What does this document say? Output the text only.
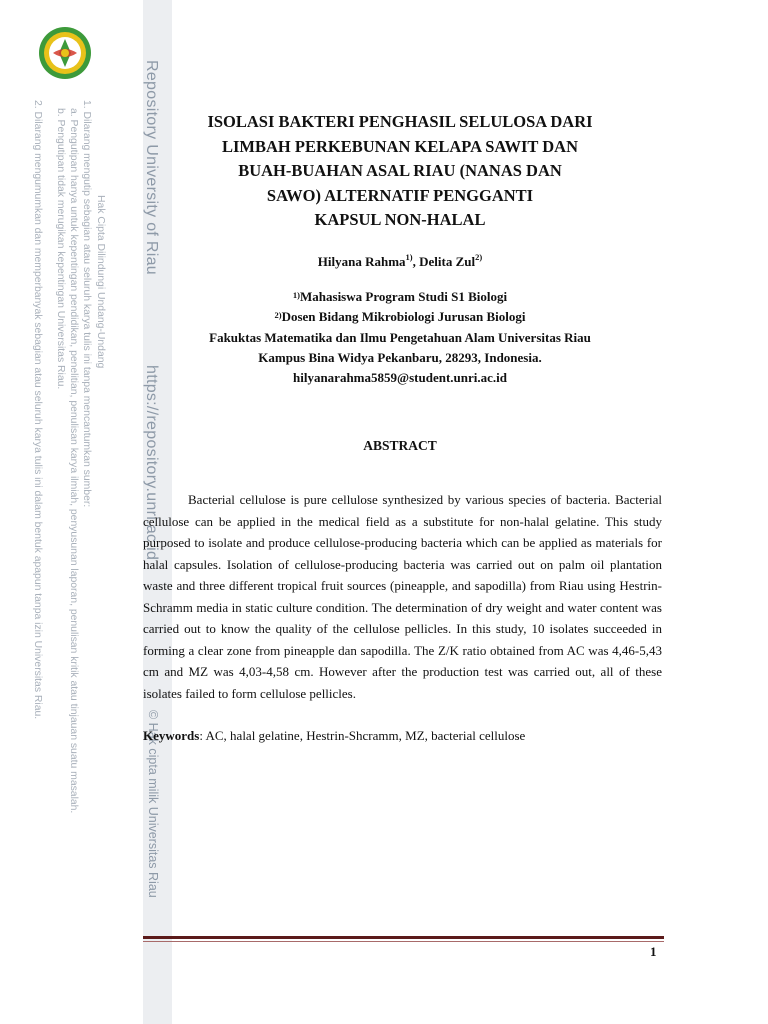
Hak Cipta Dilindungi Undang-Undang
1. Dilarang mengutip sebagian atau seluruh karya tulis ini tanpa mencantumkan sumber:
a. Pengutipan hanya untuk kepentingan pendidikan, penelitian, penulisan karya ilmiah, penyusunan laporan, penulisan kritik atau tinjauan suatu masalah.
b. Pengutipan tidak merugikan kepentingan Universitas Riau.
2. Dilarang mengumumkan dan memperbanyak sebagian atau seluruh karya tulis ini dalam bentuk apapun tanpa izin Universitas Riau.	Repository University of Riau
https://repository.unri.ac.id
© Hak cipta milik Universitas Riau
ISOLASI BAKTERI PENGHASIL SELULOSA DARI
LIMBAH PERKEBUNAN KELAPA SAWIT DAN
BUAH-BUAHAN ASAL RIAU (NANAS DAN
SAWO) ALTERNATIF PENGGANTI
KAPSUL NON-HALAL
Hilyana Rahma$^{1)}$, Delita Zul$^{2)}$
$^{1)}$Mahasiswa Program Studi S1 Biologi
$^{2)}$Dosen Bidang Mikrobiologi Jurusan Biologi
Fakuktas Matematika dan Ilmu Pengetahuan Alam Universitas Riau
Kampus Bina Widya Pekanbaru, 28293, Indonesia.
hilyanarahma5859@student.unri.ac.id
ABSTRACT

Bacterial cellulose is pure cellulose synthesized by various species of bacteria. Bacterial cellulose can be applied in the medical field as a substitute for non-halal gelatine. This study purposed to isolate and produce cellulose-producing bacteria which can be applied as materials for halal capsules. Isolation of cellulose-producing bacteria was carried out on palm oil plantation waste and three different tropical fruit sources (pineapple, and sapodilla) from Riau using Hestrin-Schramm media in static culture condition. The determination of dry weight and water content was carried out to know the quality of the cellulose pellicles. In this study, 10 isolates succeeded in forming a clear zone from pineapple dan sapodilla. The Z/K ratio obtained from AC was 4,46-5,43 cm and MZ was 4,03-4,58 cm. However after the production test was carried out, all of these isolates failed to form cellulose pellicles.

Keywords: AC, halal gelatine, Hestrin-Shcramm, MZ, bacterial cellulose
1
